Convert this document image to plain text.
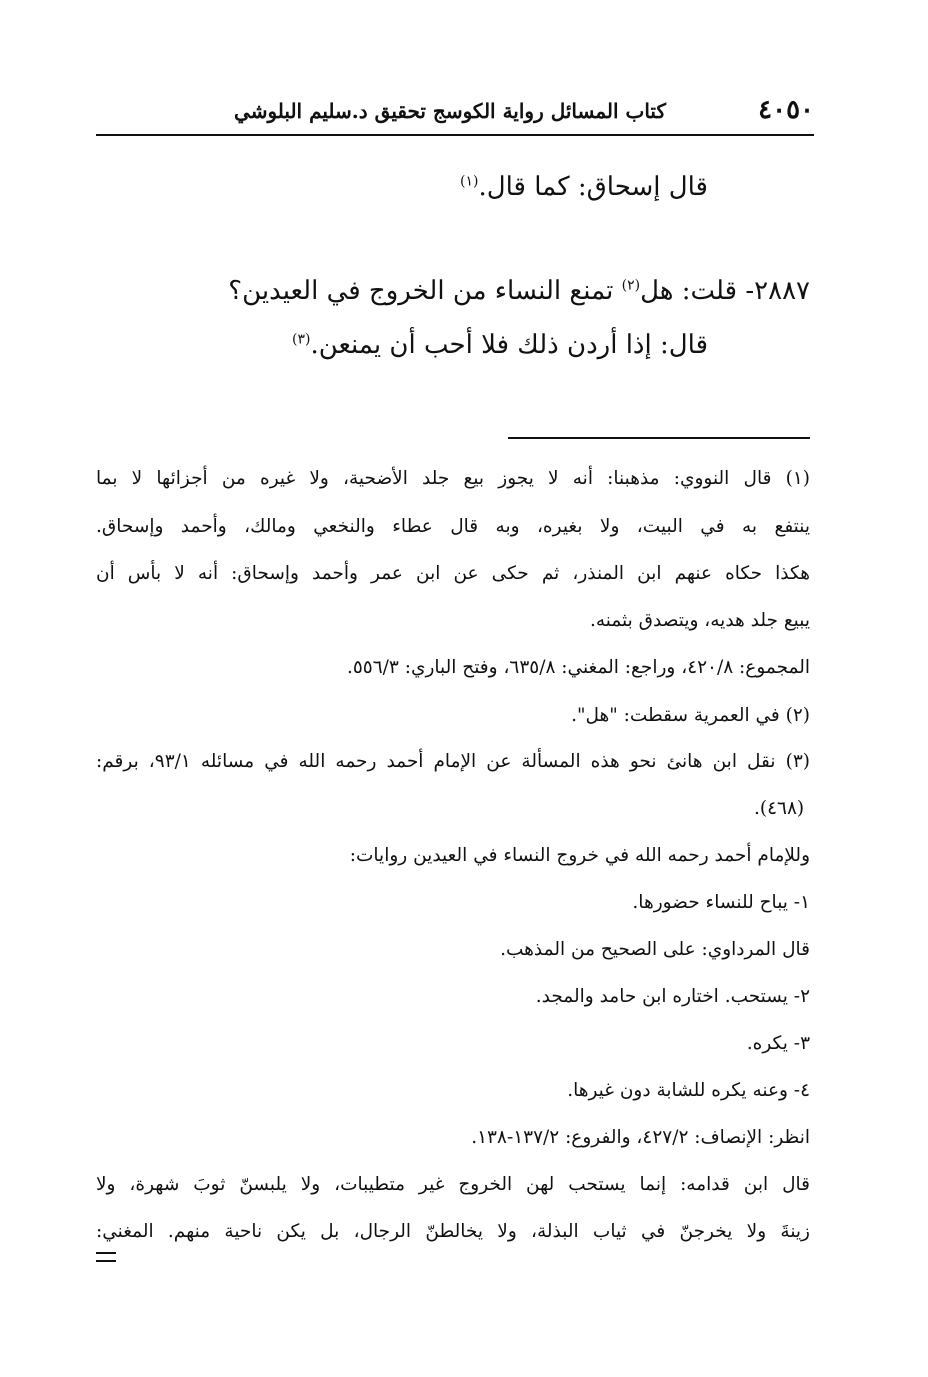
٤٠٥٠
كتاب المسائل رواية الكوسج تحقيق د.سليم البلوشي
قال إسحاق: كما قال.$^{(١)}$
٢٨٨٧- قلت: هل$^{(٢)}$ تمنع النساء من الخروج في العيدين؟
قال: إذا أردن ذلك فلا أحب أن يمنعن.$^{(٣)}$
(١) قال النووي: مذهبنا: أنه لا يجوز بيع جلد الأضحية، ولا غيره من أجزائها لا بما
ينتفع به في البيت، ولا بغيره، وبه قال عطاء والنخعي ومالك، وأحمد وإسحاق.
هكذا حكاه عنهم ابن المنذر، ثم حكى عن ابن عمر وأحمد وإسحاق: أنه لا بأس أن
يبيع جلد هديه، ويتصدق بثمنه.
المجموع: ٤٢٠/٨، وراجع: المغني: ٦٣٥/٨، وفتح الباري: ٥٥٦/٣.
(٢) في العمرية سقطت: "هل".
(٣) نقل ابن هانئ نحو هذه المسألة عن الإمام أحمد رحمه الله في مسائله ٩٣/١، برقم:
(٤٦٨).
وللإمام أحمد رحمه الله في خروج النساء في العيدين روايات:
١- يباح للنساء حضورها.
قال المرداوي: على الصحيح من المذهب.
٢- يستحب. اختاره ابن حامد والمجد.
٣- يكره.
٤- وعنه يكره للشابة دون غيرها.
انظر: الإنصاف: ٤٢٧/٢، والفروع: ١٣٧/٢-١٣٨.
قال ابن قدامه: إنما يستحب لهن الخروج غير متطيبات، ولا يلبسنّ ثوبَ شهرة، ولا
زينةَ ولا يخرجنّ في ثياب البذلة، ولا يخالطنّ الرجال، بل يكن ناحية منهم. المغني:
